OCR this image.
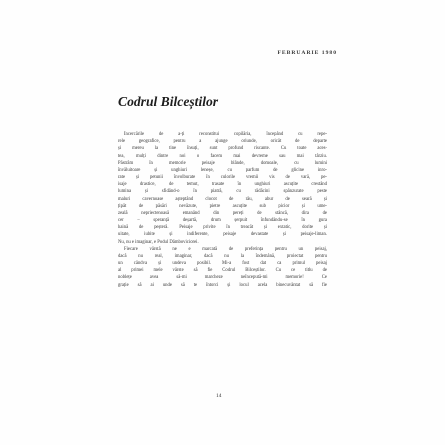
FEBRUARIE 1980
Codrul Bilceștilor

Încercările de a-ți reconstitui copilăria, începând cu repe-
rele geografice, pentru a ajunge oriunde, oricât de departe
și mereu la tine însuți, sunt profund riscante. Cu toate aces-
tea, mulți dintre noi o facem mai devreme sau mai târziu.
Păstrăm în memorie peisaje blânde, domoale, cu lumini
învăluitoare și unghiuri leneșe, cu parfum de glicine inro-
rate și petunii învolburate în culorile vremii vis de vară, pe-
isaje drastice, de temut, trasate în unghiuri ascuțite crestând
lumina și sfidând-o în piatră, cu rădăcini spânzurate peste
maluri cavernoase așteptând clocot de râu, abur de seară și
țipăt de păsări nevăzute, pietre ascuțite sub picior și ume-
zeală nepriectenoasă emanând din pereți de stâncă, dira de
cer – speranță deșartă, drum șerpuit înfundându-se în gura
haină de peșteră. Peisaje privite în treacăt și extatic, dorite și
uitate, iubite și indiferente, peisaje devastate și peisaje-liman.
Nu, nu e imaginar, e Podul Dâmboviciorei.

Fiecare vârstă ne e marcată de preferința pentru un peisaj,
dacă nu real, imaginar, dacă nu la îndemână, proiectat pentru
un cândva și undeva posibil. Mi-a fost dat ca primul peisaj
al primei mele vârste să fie Codrul Bilceștilor. Cu ce titlu de
noblețe avea să-mi marcheze neîncepută-mi memorie! Ce
grație să ai unde să te întorci și locul acela binecuvântat să fie

14
